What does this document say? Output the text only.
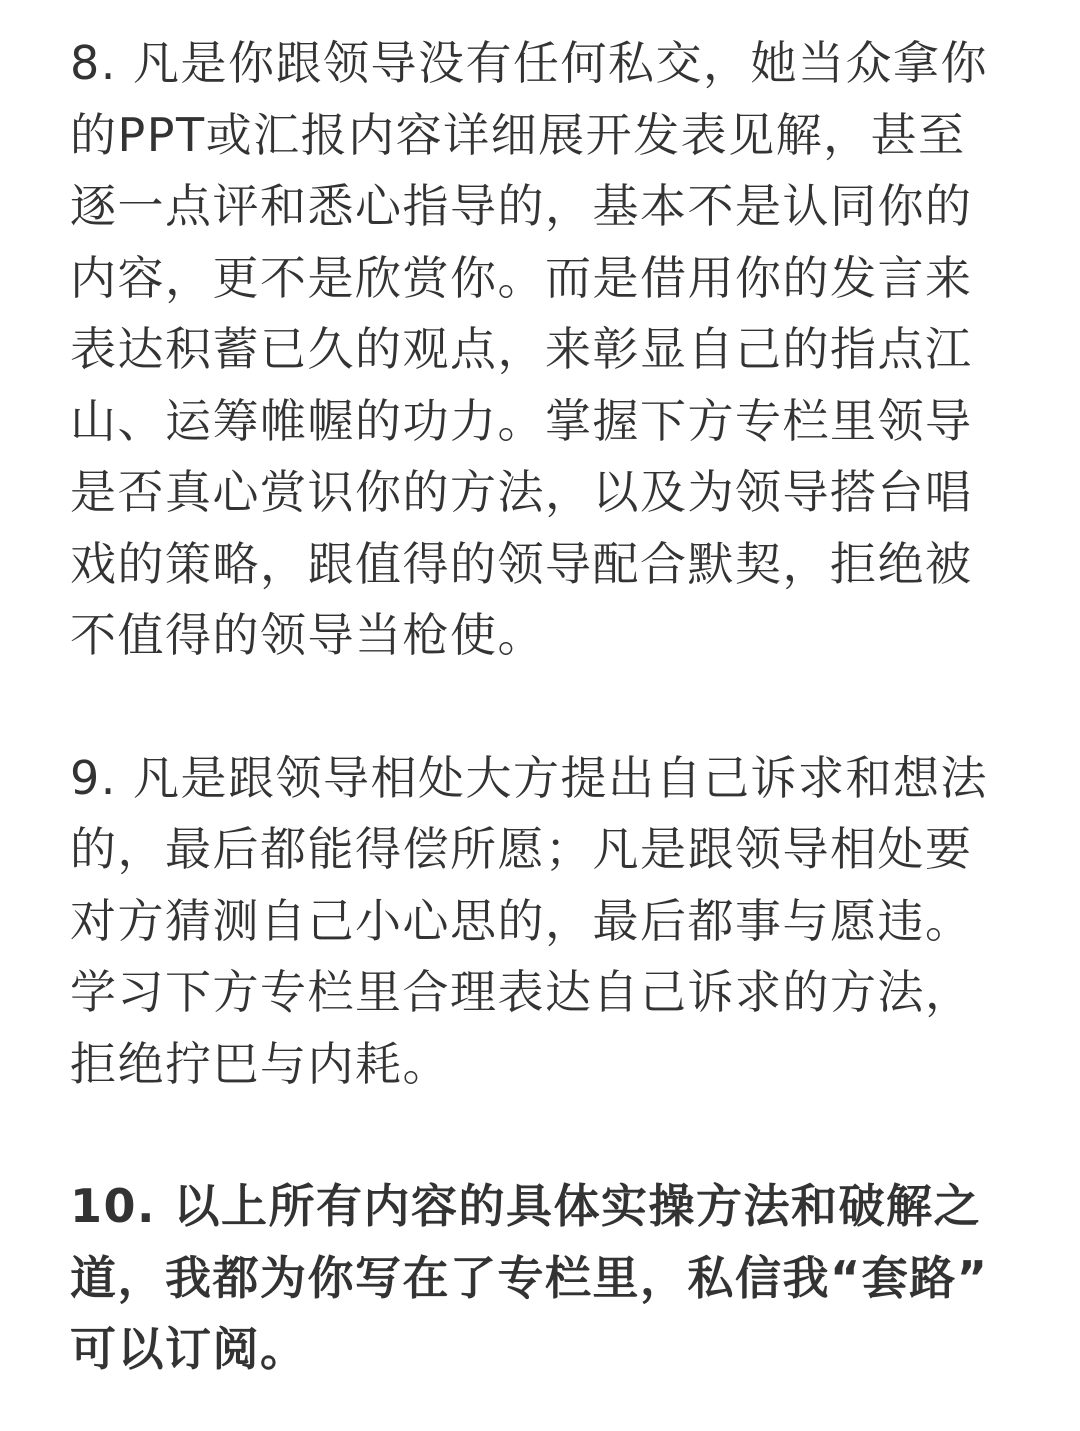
8. 凡是你跟领导没有任何私交，她当众拿你
的PPT或汇报内容详细展开发表见解，甚至
逐一点评和悉心指导的，基本不是认同你的
内容，更不是欣赏你。而是借用你的发言来
表达积蓄已久的观点，来彰显自己的指点江
山、运筹帷幄的功力。掌握下方专栏里领导
是否真心赏识你的方法，以及为领导搭台唱
戏的策略，跟值得的领导配合默契，拒绝被
不值得的领导当枪使。

9. 凡是跟领导相处大方提出自己诉求和想法
的，最后都能得偿所愿；凡是跟领导相处要
对方猜测自己小心思的，最后都事与愿违。
学习下方专栏里合理表达自己诉求的方法，
拒绝拧巴与内耗。

10. 以上所有内容的具体实操方法和破解之
道，我都为你写在了专栏里，私信我“套路”
可以订阅。
